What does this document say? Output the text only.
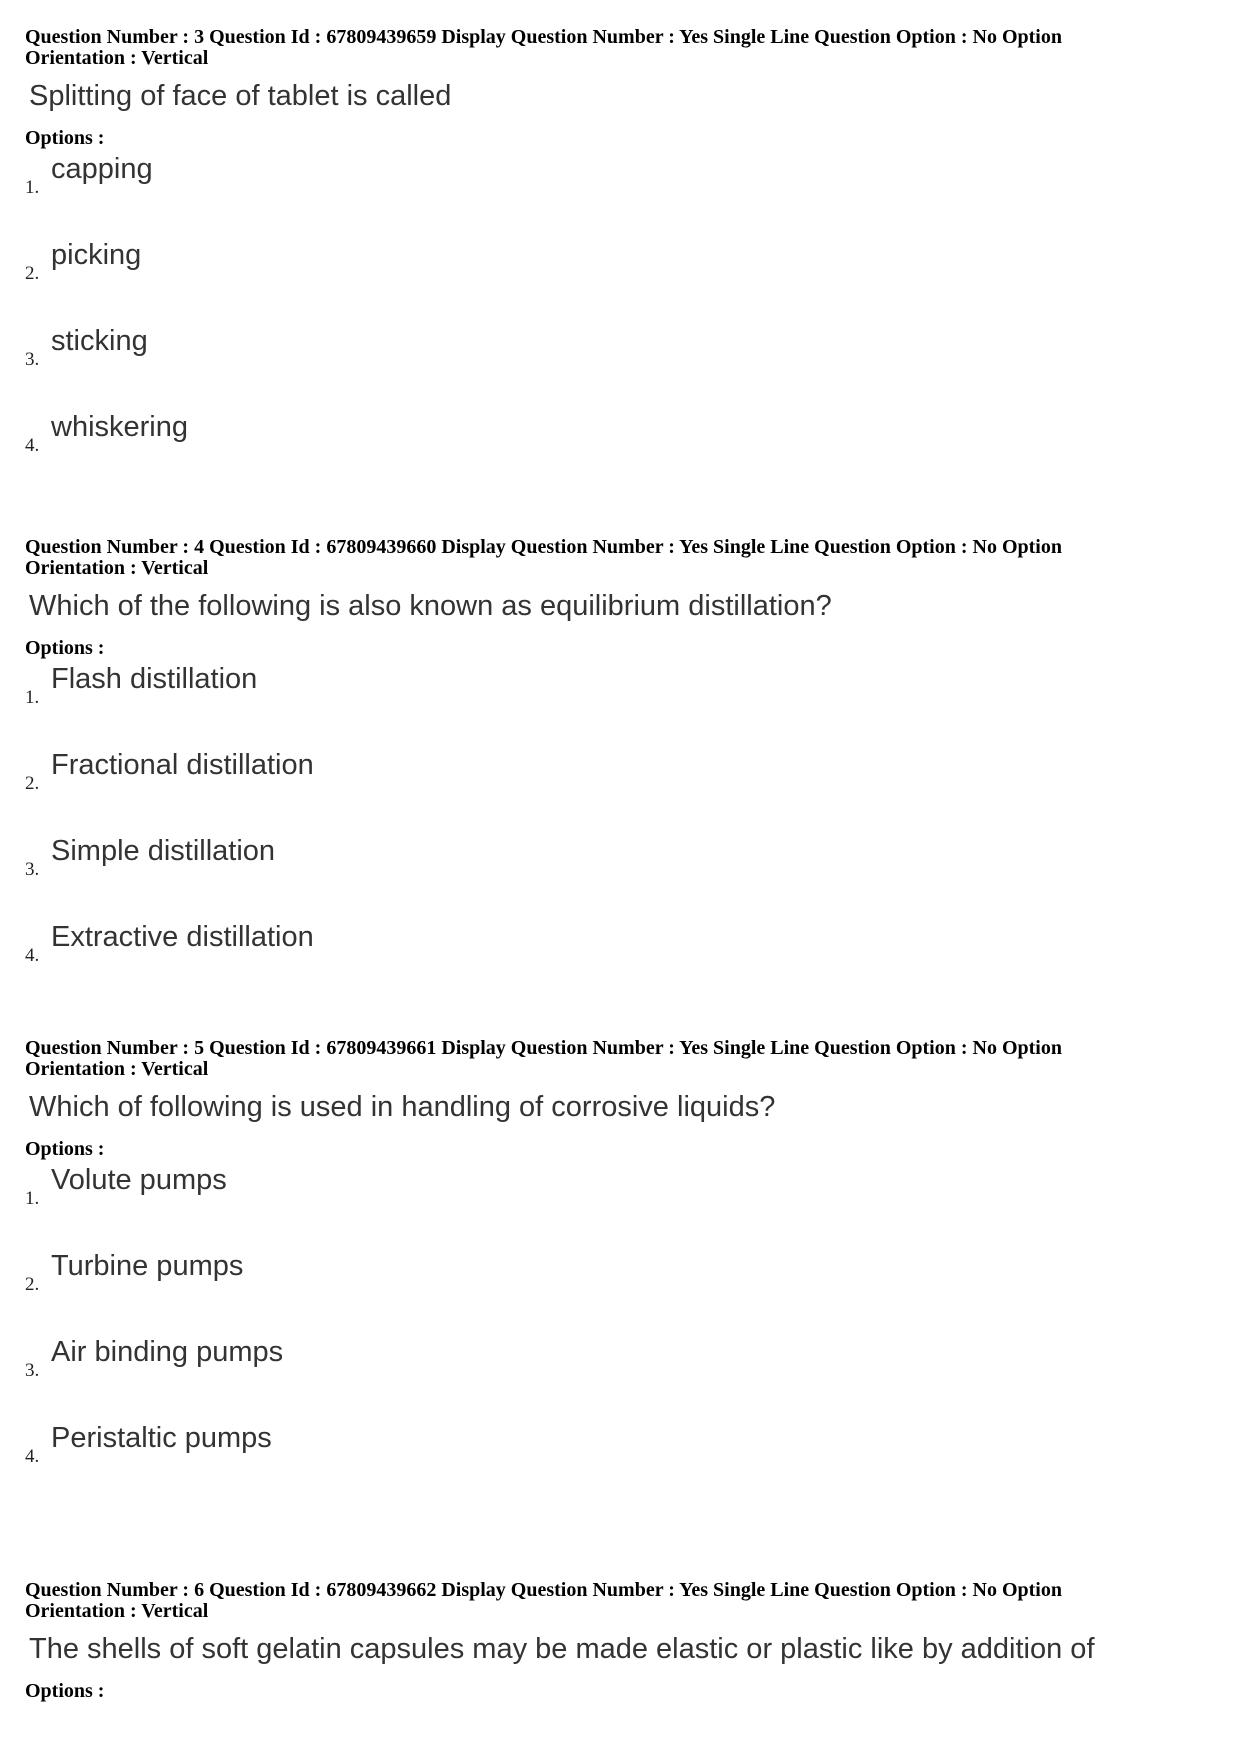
Question Number : 3 Question Id : 67809439659 Display Question Number : Yes Single Line Question Option : No Option
Orientation : Vertical
Splitting of face of tablet is called
Options :
1.
capping
2.
picking
3.
sticking
4.
whiskering
Question Number : 4 Question Id : 67809439660 Display Question Number : Yes Single Line Question Option : No Option
Orientation : Vertical
Which of the following is also known as equilibrium distillation?
Options :
1.
Flash distillation
2.
Fractional distillation
3.
Simple distillation
4.
Extractive distillation
Question Number : 5 Question Id : 67809439661 Display Question Number : Yes Single Line Question Option : No Option
Orientation : Vertical
Which of following is used in handling of corrosive liquids?
Options :
1.
Volute pumps
2.
Turbine pumps
3.
Air binding pumps
4.
Peristaltic pumps
Question Number : 6 Question Id : 67809439662 Display Question Number : Yes Single Line Question Option : No Option
Orientation : Vertical
The shells of soft gelatin capsules may be made elastic or plastic like by addition of
Options :
